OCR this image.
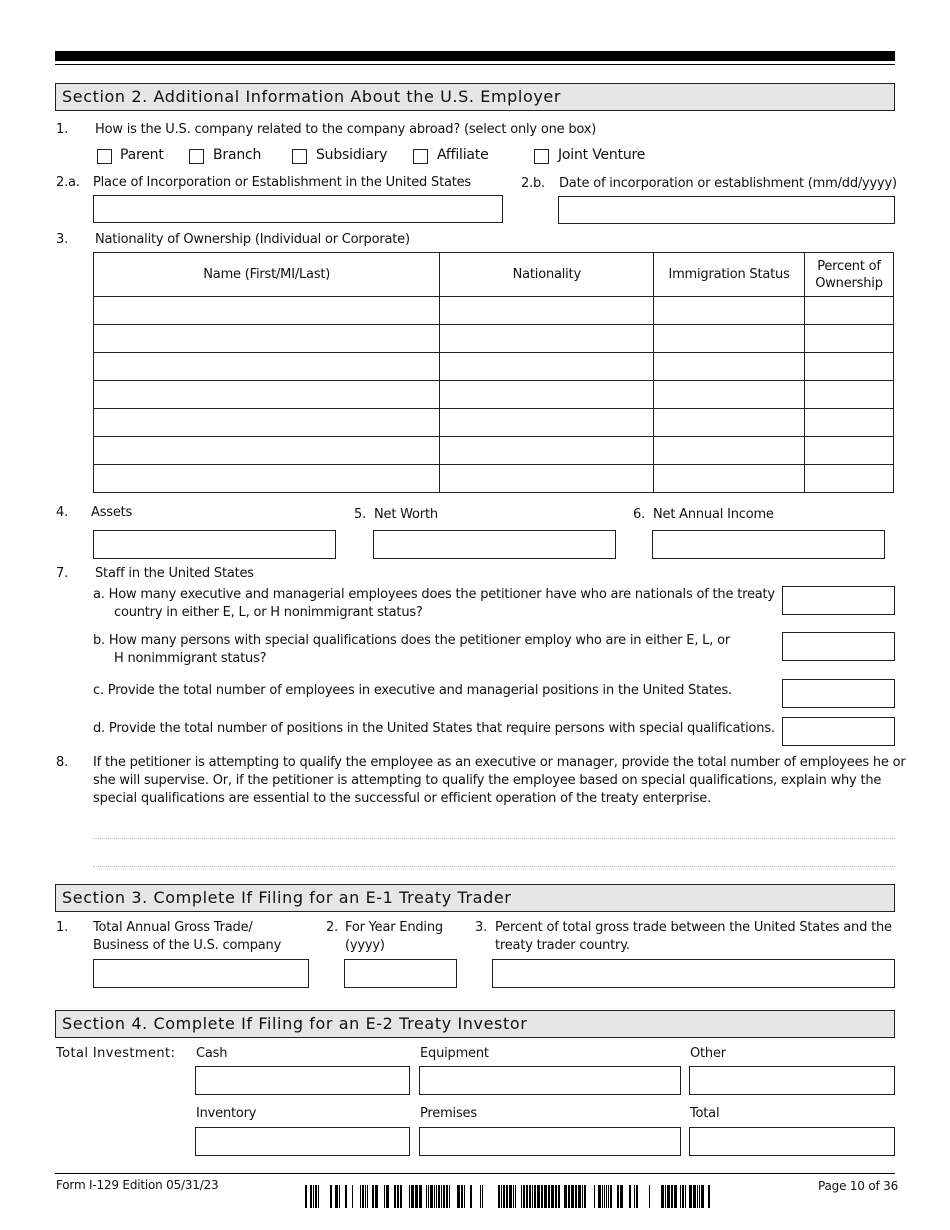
Section 2. Additional Information About the U.S. Employer
1. How is the U.S. company related to the company abroad? (select only one box)
Parent	Branch	Subsidiary	Affiliate	Joint Venture
2.a. Place of Incorporation or Establishment in the United States	2.b. Date of incorporation or establishment (mm/dd/yyyy)
3. Nationality of Ownership (Individual or Corporate)
Name (First/MI/Last)	Nationality	Immigration Status	Percent of Ownership

4. Assets	5. Net Worth	6. Net Annual Income
7. Staff in the United States
a. How many executive and managerial employees does the petitioner have who are nationals of the treaty
country in either E, L, or H nonimmigrant status?
b. How many persons with special qualifications does the petitioner employ who are in either E, L, or
H nonimmigrant status?
c. Provide the total number of employees in executive and managerial positions in the United States.
d. Provide the total number of positions in the United States that require persons with special qualifications.
8. If the petitioner is attempting to qualify the employee as an executive or manager, provide the total number of employees he or
she will supervise. Or, if the petitioner is attempting to qualify the employee based on special qualifications, explain why the
special qualifications are essential to the successful or efficient operation of the treaty enterprise.
Section 3. Complete If Filing for an E-1 Treaty Trader
1. Total Annual Gross Trade/
Business of the U.S. company
2. For Year Ending
(yyyy)
3. Percent of total gross trade between the United States and the
treaty trader country.
Section 4. Complete If Filing for an E-2 Treaty Investor
Total Investment: Cash	Equipment	Other
Inventory	Premises	Total
Form I-129 Edition 05/31/23	Page 10 of 36
